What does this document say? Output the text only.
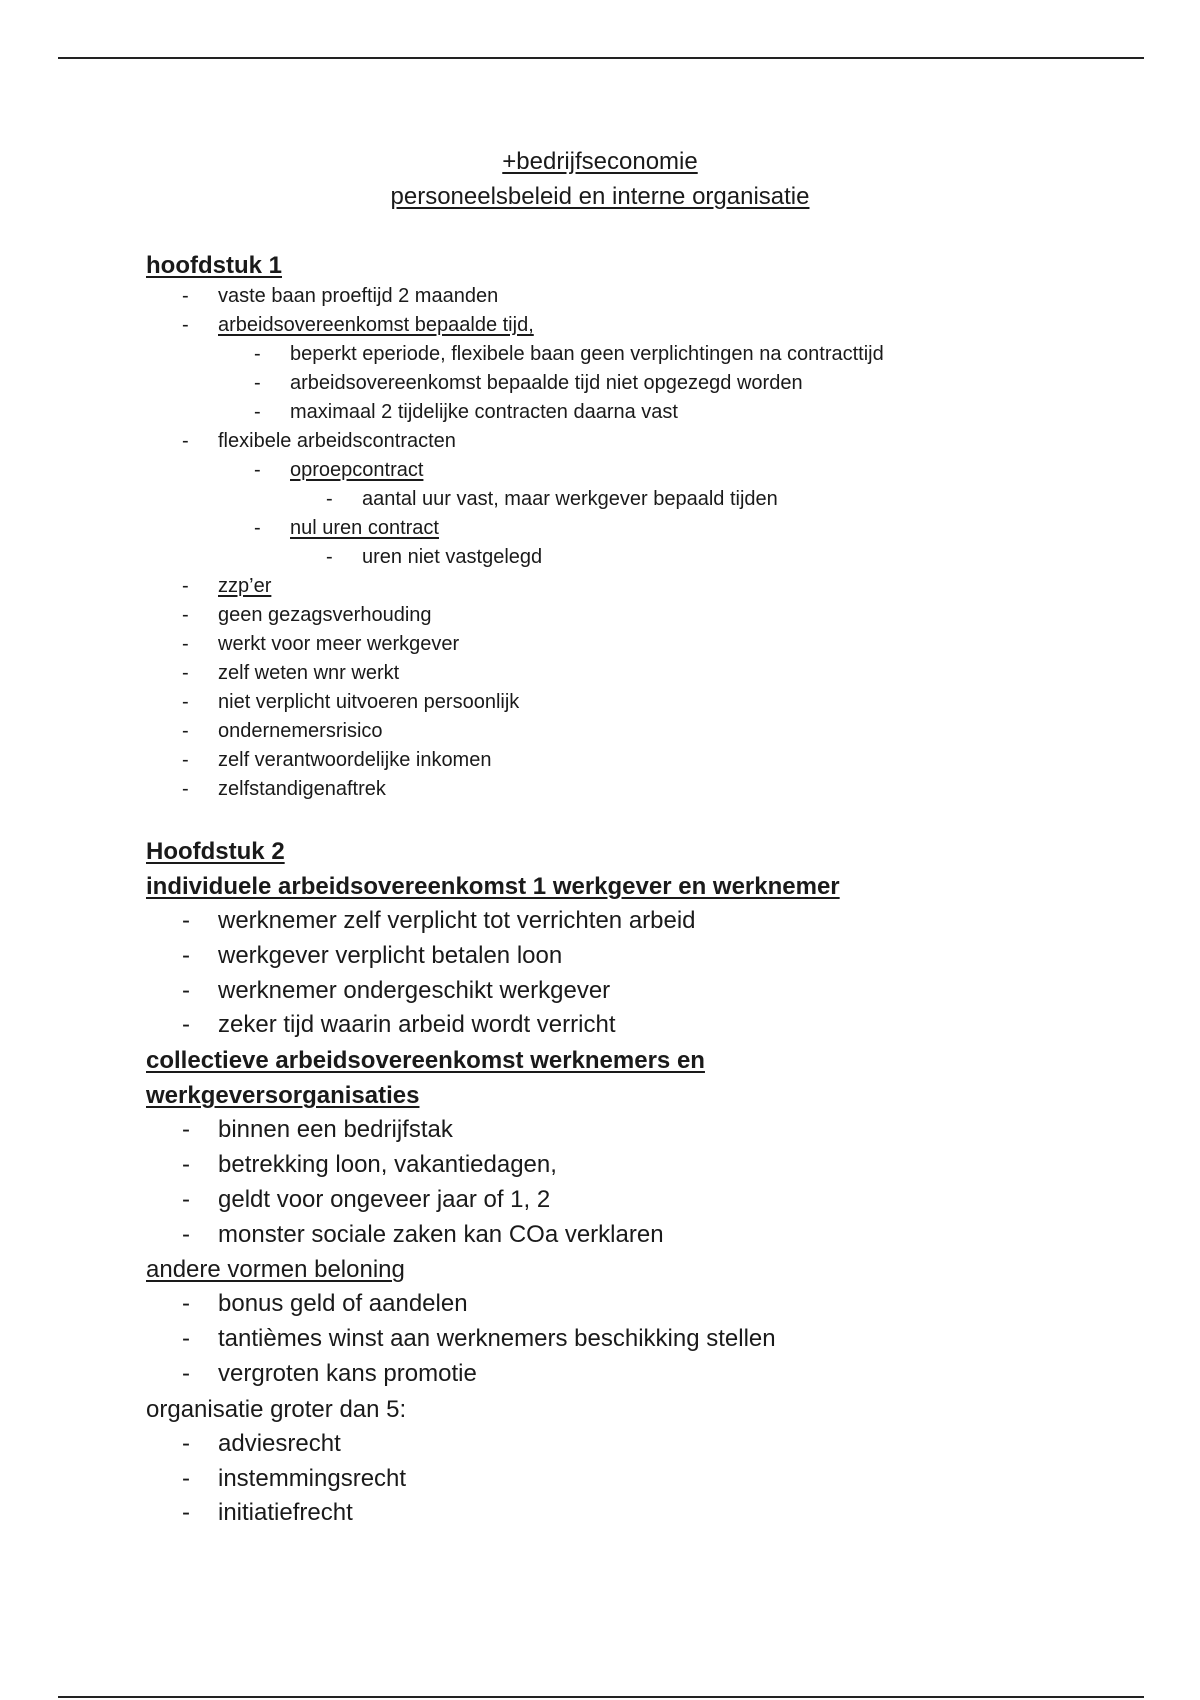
+bedrijfseconomie
personeelsbeleid en interne organisatie

hoofdstuk 1

- vaste baan proeftijd 2 maanden
- arbeidsovereenkomst bepaalde tijd,
- beperkt eperiode, flexibele baan geen verplichtingen na contracttijd
- arbeidsovereenkomst bepaalde tijd niet opgezegd worden
- maximaal 2 tijdelijke contracten daarna vast
- flexibele arbeidscontracten
- oproepcontract
- aantal uur vast, maar werkgever bepaald tijden
- nul uren contract
- uren niet vastgelegd
- zzp’er
- geen gezagsverhouding
- werkt voor meer werkgever
- zelf weten wnr werkt
- niet verplicht uitvoeren persoonlijk
- ondernemersrisico
- zelf verantwoordelijke inkomen
- zelfstandigenaftrek

Hoofdstuk 2

individuele arbeidsovereenkomst 1 werkgever en werknemer

- werknemer zelf verplicht tot verrichten arbeid
- werkgever verplicht betalen loon
- werknemer ondergeschikt werkgever
- zeker tijd waarin arbeid wordt verricht

collectieve arbeidsovereenkomst werknemers en

werkgeversorganisaties

- binnen een bedrijfstak
- betrekking loon, vakantiedagen,
- geldt voor ongeveer jaar of 1, 2
- monster sociale zaken kan COa verklaren

andere vormen beloning

- bonus geld of aandelen
- tantièmes winst aan werknemers beschikking stellen
- vergroten kans promotie

organisatie groter dan 5:

- adviesrecht
- instemmingsrecht
- initiatiefrecht
